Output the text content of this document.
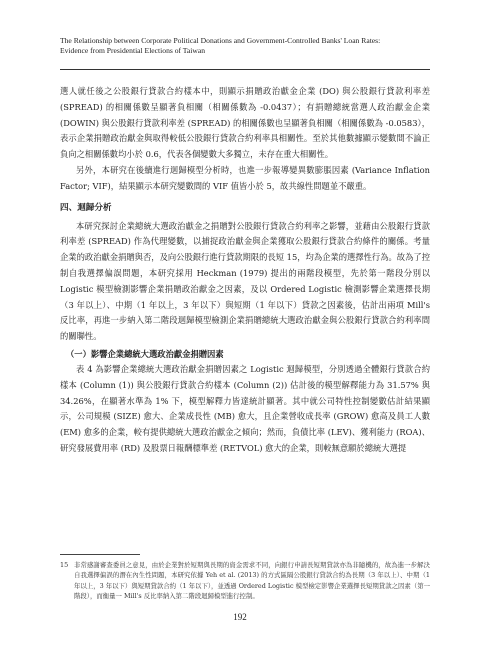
The Relationship between Corporate Political Donations and Government-Controlled Banks' Loan Rates:
Evidence from Presidential Elections of Taiwan

選人就任後之公股銀行貸款合約樣本中，則顯示捐贈政治獻金企業 (DO) 與公股銀行貸款利率差 (SPREAD) 的相關係數呈顯著負相關（相關係數為 -0.0437）；有捐贈總統當選人政治獻金企業 (DOWIN) 與公股銀行貸款利率差 (SPREAD) 的相關係數也呈顯著負相關（相關係數為 -0.0583），表示企業捐贈政治獻金與取得較低公股銀行貸款合約利率具相關性。至於其他數據顯示變數間不論正負向之相關係數均小於 0.6，代表各個變數大多獨立，未存在重大相關性。

另外，本研究在後續進行迴歸模型分析時，也進一步報導變異數膨脹因素 (Variance Inflation Factor; VIF)，結果顯示本研究變數間的 VIF 值皆小於 5，故共線性問題並不嚴重。

四、迴歸分析

本研究探討企業總統大選政治獻金之捐贈對公股銀行貸款合約利率之影響，並藉由公股銀行貸款利率差 (SPREAD) 作為代理變數，以捕捉政治獻金與企業獲取公股銀行貸款合約條件的關係。考量企業的政治獻金捐贈與否，及向公股銀行進行貸款期限的長短 15，均為企業的選擇性行為。故為了控制自我選擇偏誤問題，本研究採用 Heckman (1979) 提出的兩階段模型，先於第一階段分別以 Logistic 模型檢測影響企業捐贈政治獻金之因素，及以 Ordered Logistic 檢測影響企業選擇長期（3 年以上）、中期（1 年以上，3 年以下）與短期（1 年以下）貸款之因素後，估計出兩項 Mill's 反比率，再進一步納入第二階段迴歸模型檢測企業捐贈總統大選政治獻金與公股銀行貸款合約利率間的關聯性。

（一）影響企業總統大選政治獻金捐贈因素

表 4 為影響企業總統大選政治獻金捐贈因素之 Logistic 迴歸模型，分別透過全體銀行貸款合約樣本 (Column (1)) 與公股銀行貸款合約樣本 (Column (2)) 估計後的模型解釋能力為 31.57% 與 34.26%，在顯著水準為 1% 下，模型解釋力皆達統計顯著。其中就公司特性控制變數估計結果顯示，公司規模 (SIZE) 愈大、企業成長性 (MB) 愈大，且企業營收成長率 (GROW) 愈高及員工人數 (EM) 愈多的企業，較有提供總統大選政治獻金之傾向；然而，負債比率 (LEV)、獲利能力 (ROA)、研究發展費用率 (RD) 及股票日報酬標準差 (RETVOL) 愈大的企業，則較無意願於總統大選提

15 非常感謝審查委員之意見，由於企業對於短期與長期的資金需求不同，向銀行申請長短期貸款亦為非隨機的，故為進一步解決自我選擇偏誤的潛在內生性問題，本研究依據 Yeh et al. (2013) 的方式區隔公股銀行貸款合約為長期（3 年以上）、中期（1 年以上，3 年以下）與短期貸款合約（1 年以下），並透過 Ordered Logistic 模型檢定影響企業選擇長短期貸款之因素（第一階段），而衡量一 Mill's 反比率納入第二階段迴歸模型進行控制。
192
